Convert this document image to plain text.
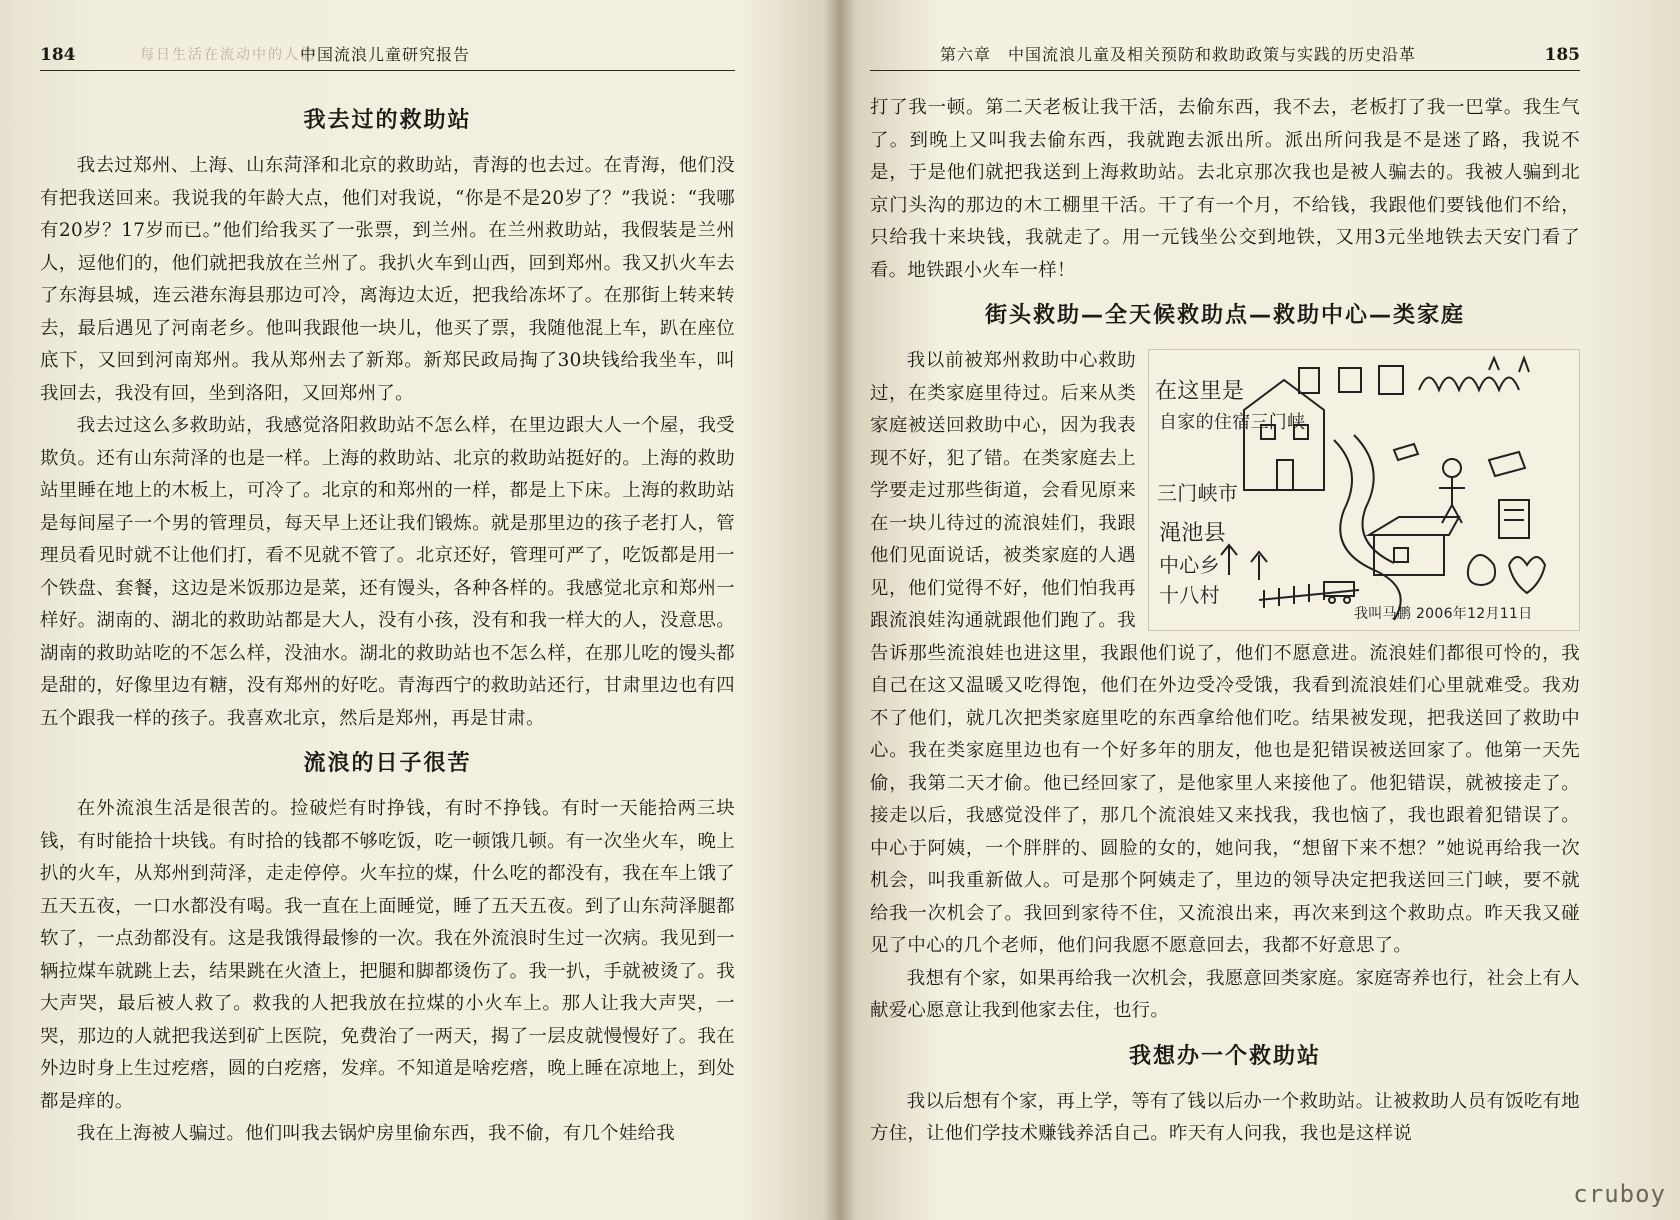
184	每日生活在流动中的人们
中国流浪儿童研究报告
我去过的救助站

我去过郑州、上海、山东菏泽和北京的救助站，青海的也去过。在青海，他们没有把我送回来。我说我的年龄大点，他们对我说，“你是不是20岁了？”我说：“我哪有20岁？17岁而已。”他们给我买了一张票，到兰州。在兰州救助站，我假装是兰州人，逗他们的，他们就把我放在兰州了。我扒火车到山西，回到郑州。我又扒火车去了东海县城，连云港东海县那边可冷，离海边太近，把我给冻坏了。在那街上转来转去，最后遇见了河南老乡。他叫我跟他一块儿，他买了票，我随他混上车，趴在座位底下，又回到河南郑州。我从郑州去了新郑。新郑民政局掏了30块钱给我坐车，叫我回去，我没有回，坐到洛阳，又回郑州了。

我去过这么多救助站，我感觉洛阳救助站不怎么样，在里边跟大人一个屋，我受欺负。还有山东菏泽的也是一样。上海的救助站、北京的救助站挺好的。上海的救助站里睡在地上的木板上，可冷了。北京的和郑州的一样，都是上下床。上海的救助站是每间屋子一个男的管理员，每天早上还让我们锻炼。就是那里边的孩子老打人，管理员看见时就不让他们打，看不见就不管了。北京还好，管理可严了，吃饭都是用一个铁盘、套餐，这边是米饭那边是菜，还有馒头，各种各样的。我感觉北京和郑州一样好。湖南的、湖北的救助站都是大人，没有小孩，没有和我一样大的人，没意思。湖南的救助站吃的不怎么样，没油水。湖北的救助站也不怎么样，在那儿吃的馒头都是甜的，好像里边有糖，没有郑州的好吃。青海西宁的救助站还行，甘肃里边也有四五个跟我一样的孩子。我喜欢北京，然后是郑州，再是甘肃。

流浪的日子很苦

在外流浪生活是很苦的。捡破烂有时挣钱，有时不挣钱。有时一天能拾两三块钱，有时能拾十块钱。有时拾的钱都不够吃饭，吃一顿饿几顿。有一次坐火车，晚上扒的火车，从郑州到菏泽，走走停停。火车拉的煤，什么吃的都没有，我在车上饿了五天五夜，一口水都没有喝。我一直在上面睡觉，睡了五天五夜。到了山东菏泽腿都软了，一点劲都没有。这是我饿得最惨的一次。我在外流浪时生过一次病。我见到一辆拉煤车就跳上去，结果跳在火渣上，把腿和脚都烫伤了。我一扒，手就被烫了。我大声哭，最后被人救了。救我的人把我放在拉煤的小火车上。那人让我大声哭，一哭，那边的人就把我送到矿上医院，免费治了一两天，揭了一层皮就慢慢好了。我在外边时身上生过疙瘩，圆的白疙瘩，发痒。不知道是啥疙瘩，晚上睡在凉地上，到处都是痒的。

我在上海被人骗过。他们叫我去锅炉房里偷东西，我不偷，有几个娃给我

第六章　中国流浪儿童及相关预防和救助政策与实践的历史沿革	185

打了我一顿。第二天老板让我干活，去偷东西，我不去，老板打了我一巴掌。我生气了。到晚上又叫我去偷东西，我就跑去派出所。派出所问我是不是迷了路，我说不是，于是他们就把我送到上海救助站。去北京那次我也是被人骗去的。我被人骗到北京门头沟的那边的木工棚里干活。干了有一个月，不给钱，我跟他们要钱他们不给，只给我十来块钱，我就走了。用一元钱坐公交到地铁，又用3元坐地铁去天安门看了看。地铁跟小火车一样！

街头救助—全天候救助点—救助中心—类家庭

在这里是
自家的住宿三门峡
三门峡市
渑池县
中心乡
十八村
我叫马鹏 2006年12月11日
我以前被郑州救助中心救助过，在类家庭里待过。后来从类家庭被送回救助中心，因为我表现不好，犯了错。在类家庭去上学要走过那些街道，会看见原来在一块儿待过的流浪娃们，我跟他们见面说话，被类家庭的人遇见，他们觉得不好，他们怕我再跟流浪娃沟通就跟他们跑了。我告诉那些流浪娃也进这里，我跟他们说了，他们不愿意进。流浪娃们都很可怜的，我自己在这又温暖又吃得饱，他们在外边受冷受饿，我看到流浪娃们心里就难受。我劝不了他们，就几次把类家庭里吃的东西拿给他们吃。结果被发现，把我送回了救助中心。我在类家庭里边也有一个好多年的朋友，他也是犯错误被送回家了。他第一天先偷，我第二天才偷。他已经回家了，是他家里人来接他了。他犯错误，就被接走了。接走以后，我感觉没伴了，那几个流浪娃又来找我，我也恼了，我也跟着犯错误了。中心于阿姨，一个胖胖的、圆脸的女的，她问我，“想留下来不想？”她说再给我一次机会，叫我重新做人。可是那个阿姨走了，里边的领导决定把我送回三门峡，要不就给我一次机会了。我回到家待不住，又流浪出来，再次来到这个救助点。昨天我又碰见了中心的几个老师，他们问我愿不愿意回去，我都不好意思了。

我想有个家，如果再给我一次机会，我愿意回类家庭。家庭寄养也行，社会上有人献爱心愿意让我到他家去住，也行。

我想办一个救助站

我以后想有个家，再上学，等有了钱以后办一个救助站。让被救助人员有饭吃有地方住，让他们学技术赚钱养活自己。昨天有人问我，我也是这样说

cruboy
